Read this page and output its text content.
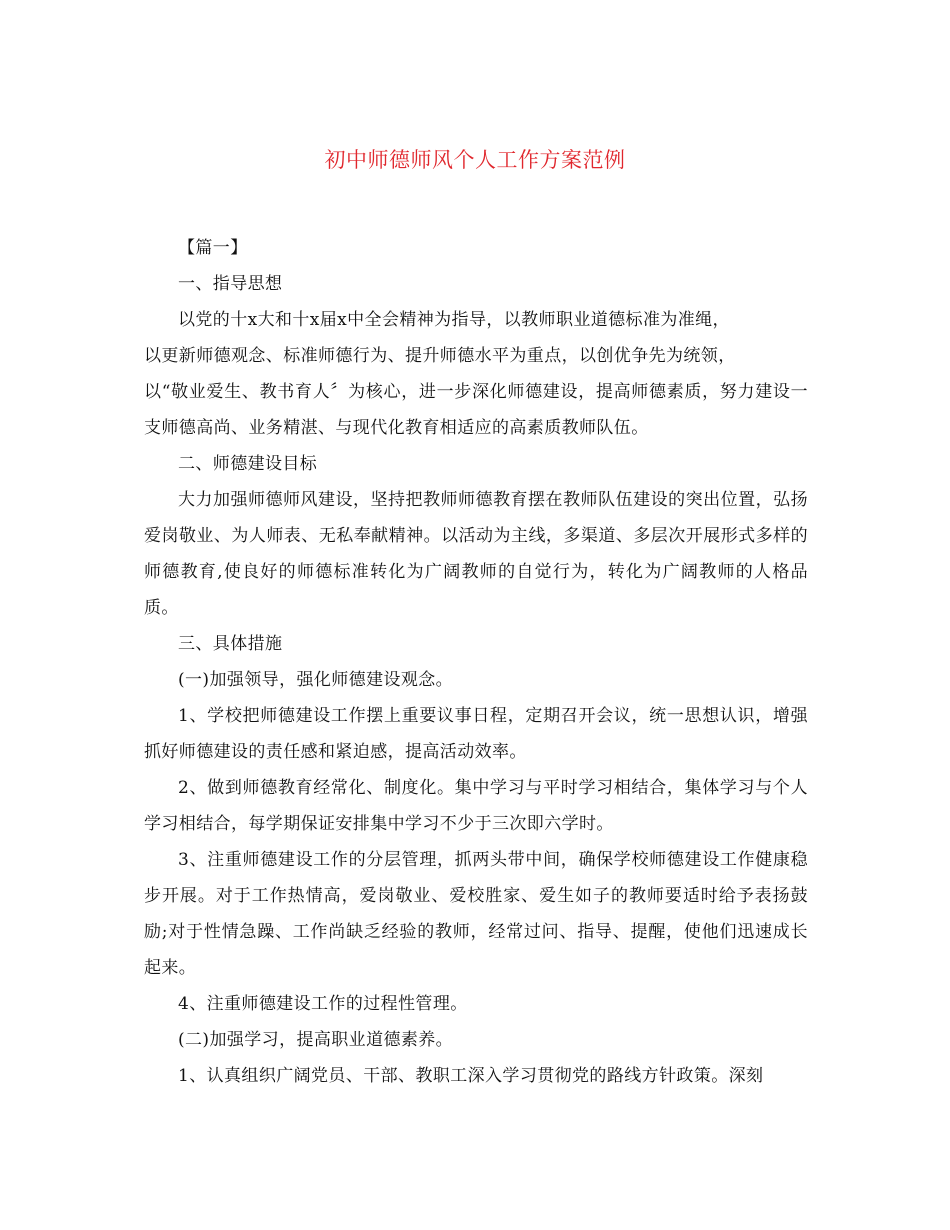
初中师德师风个人工作方案范例

【篇一】

一、指导思想

以党的十x大和十x届x中全会精神为指导，以教师职业道德标准为准绳，

以更新师德观念、标准师德行为、提升师德水平为重点，以创优争先为统领，

以“敬业爱生、教书育人〞为核心，进一步深化师德建设，提高师德素质，努力建设一支师德高尚、业务精湛、与现代化教育相适应的高素质教师队伍。

二、师德建设目标

大力加强师德师风建设，坚持把教师师德教育摆在教师队伍建设的突出位置，弘扬爱岗敬业、为人师表、无私奉献精神。以活动为主线，多渠道、多层次开展形式多样的师德教育,使良好的师德标准转化为广阔教师的自觉行为，转化为广阔教师的人格品质。

三、具体措施

(一)加强领导，强化师德建设观念。

1、学校把师德建设工作摆上重要议事日程，定期召开会议，统一思想认识，增强抓好师德建设的责任感和紧迫感，提高活动效率。

2、做到师德教育经常化、制度化。集中学习与平时学习相结合，集体学习与个人学习相结合，每学期保证安排集中学习不少于三次即六学时。

3、注重师德建设工作的分层管理，抓两头带中间，确保学校师德建设工作健康稳步开展。对于工作热情高，爱岗敬业、爱校胜家、爱生如子的教师要适时给予表扬鼓励;对于性情急躁、工作尚缺乏经验的教师，经常过问、指导、提醒，使他们迅速成长起来。

4、注重师德建设工作的过程性管理。

(二)加强学习，提高职业道德素养。

1、认真组织广阔党员、干部、教职工深入学习贯彻党的路线方针政策。深刻
